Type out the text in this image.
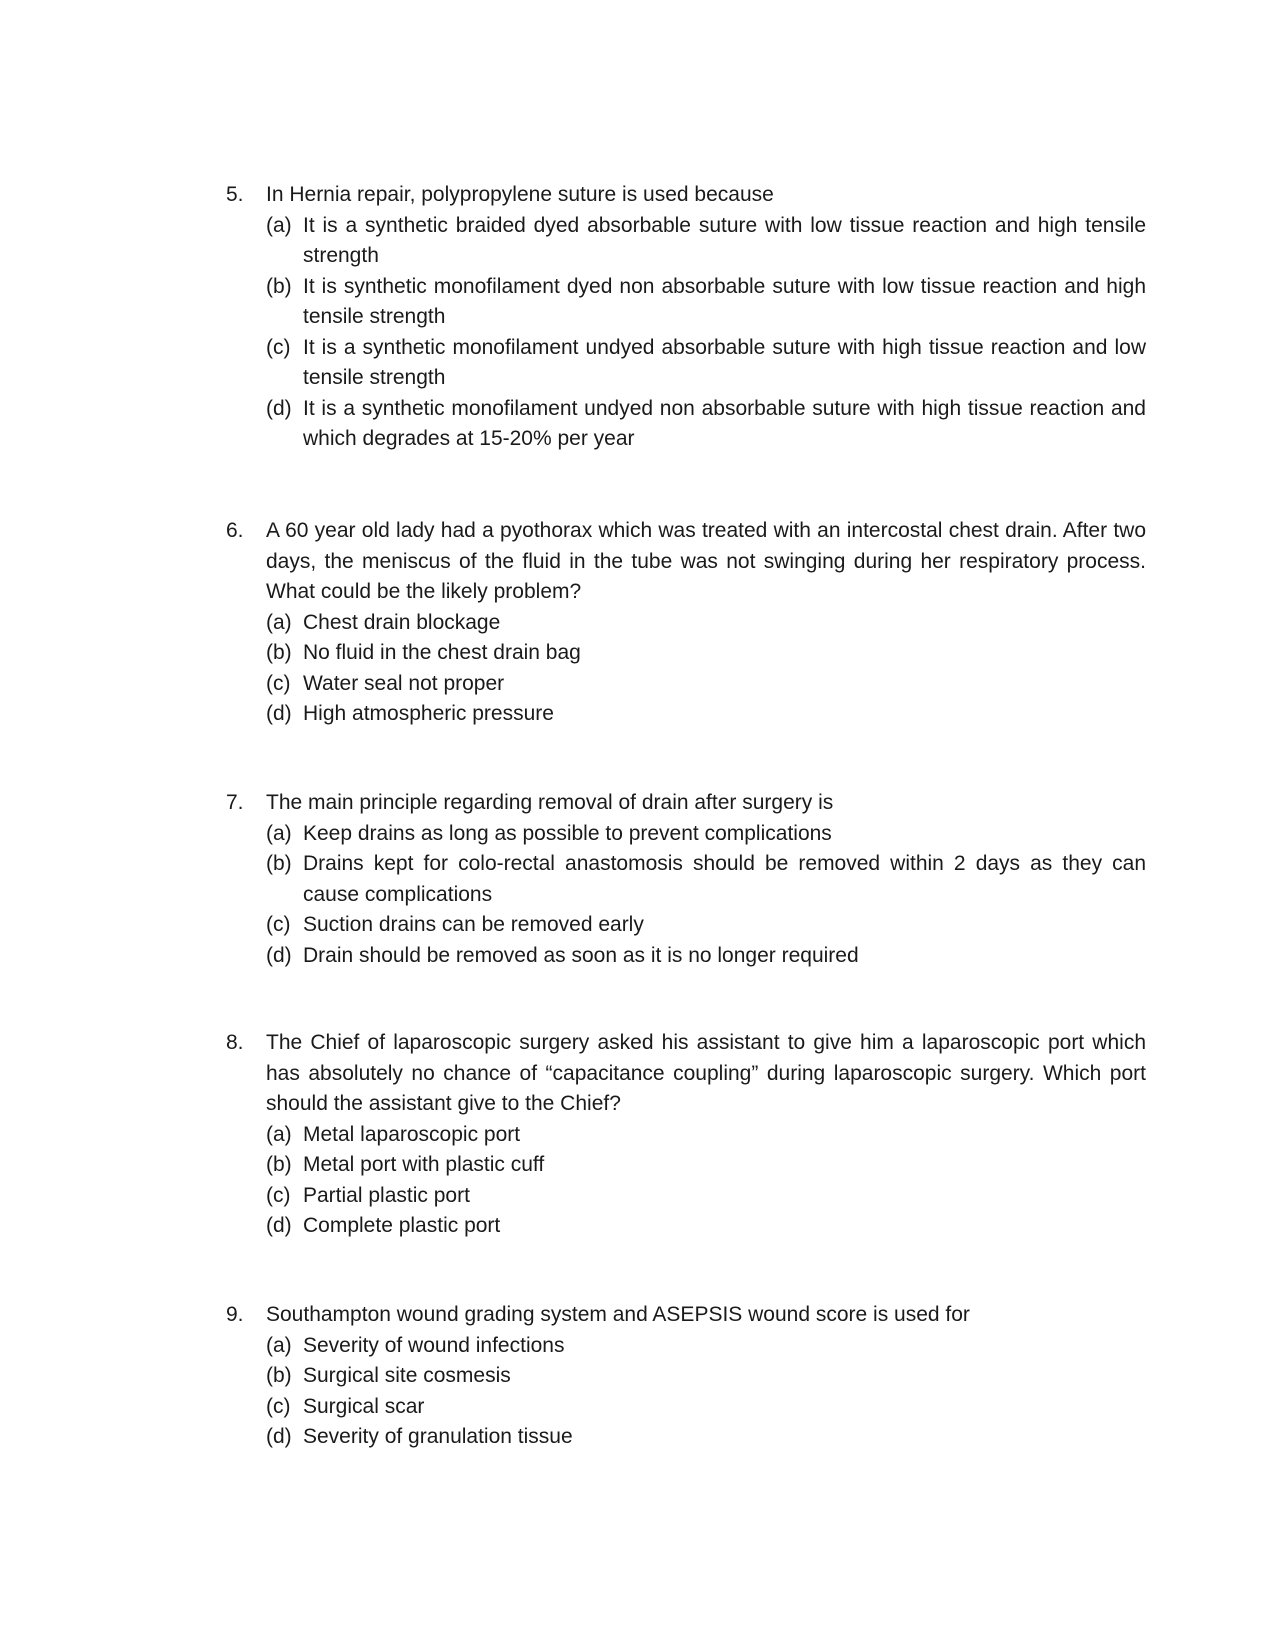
5. In Hernia repair, polypropylene suture is used because
(a) It is a synthetic braided dyed absorbable suture with low tissue reaction and high tensile strength
(b) It is synthetic monofilament dyed non absorbable suture with low tissue reaction and high tensile strength
(c) It is a synthetic monofilament undyed absorbable suture with high tissue reaction and low tensile strength
(d) It is a synthetic monofilament undyed non absorbable suture with high tissue reaction and which degrades at 15-20% per year
6. A 60 year old lady had a pyothorax which was treated with an intercostal chest drain. After two days, the meniscus of the fluid in the tube was not swinging during her respiratory process. What could be the likely problem?
(a) Chest drain blockage
(b) No fluid in the chest drain bag
(c) Water seal not proper
(d) High atmospheric pressure
7. The main principle regarding removal of drain after surgery is
(a) Keep drains as long as possible to prevent complications
(b) Drains kept for colo-rectal anastomosis should be removed within 2 days as they can cause complications
(c) Suction drains can be removed early
(d) Drain should be removed as soon as it is no longer required
8. The Chief of laparoscopic surgery asked his assistant to give him a laparoscopic port which has absolutely no chance of “capacitance coupling” during laparoscopic surgery. Which port should the assistant give to the Chief?
(a) Metal laparoscopic port
(b) Metal port with plastic cuff
(c) Partial plastic port
(d) Complete plastic port
9. Southampton wound grading system and ASEPSIS wound score is used for
(a) Severity of wound infections
(b) Surgical site cosmesis
(c) Surgical scar
(d) Severity of granulation tissue
